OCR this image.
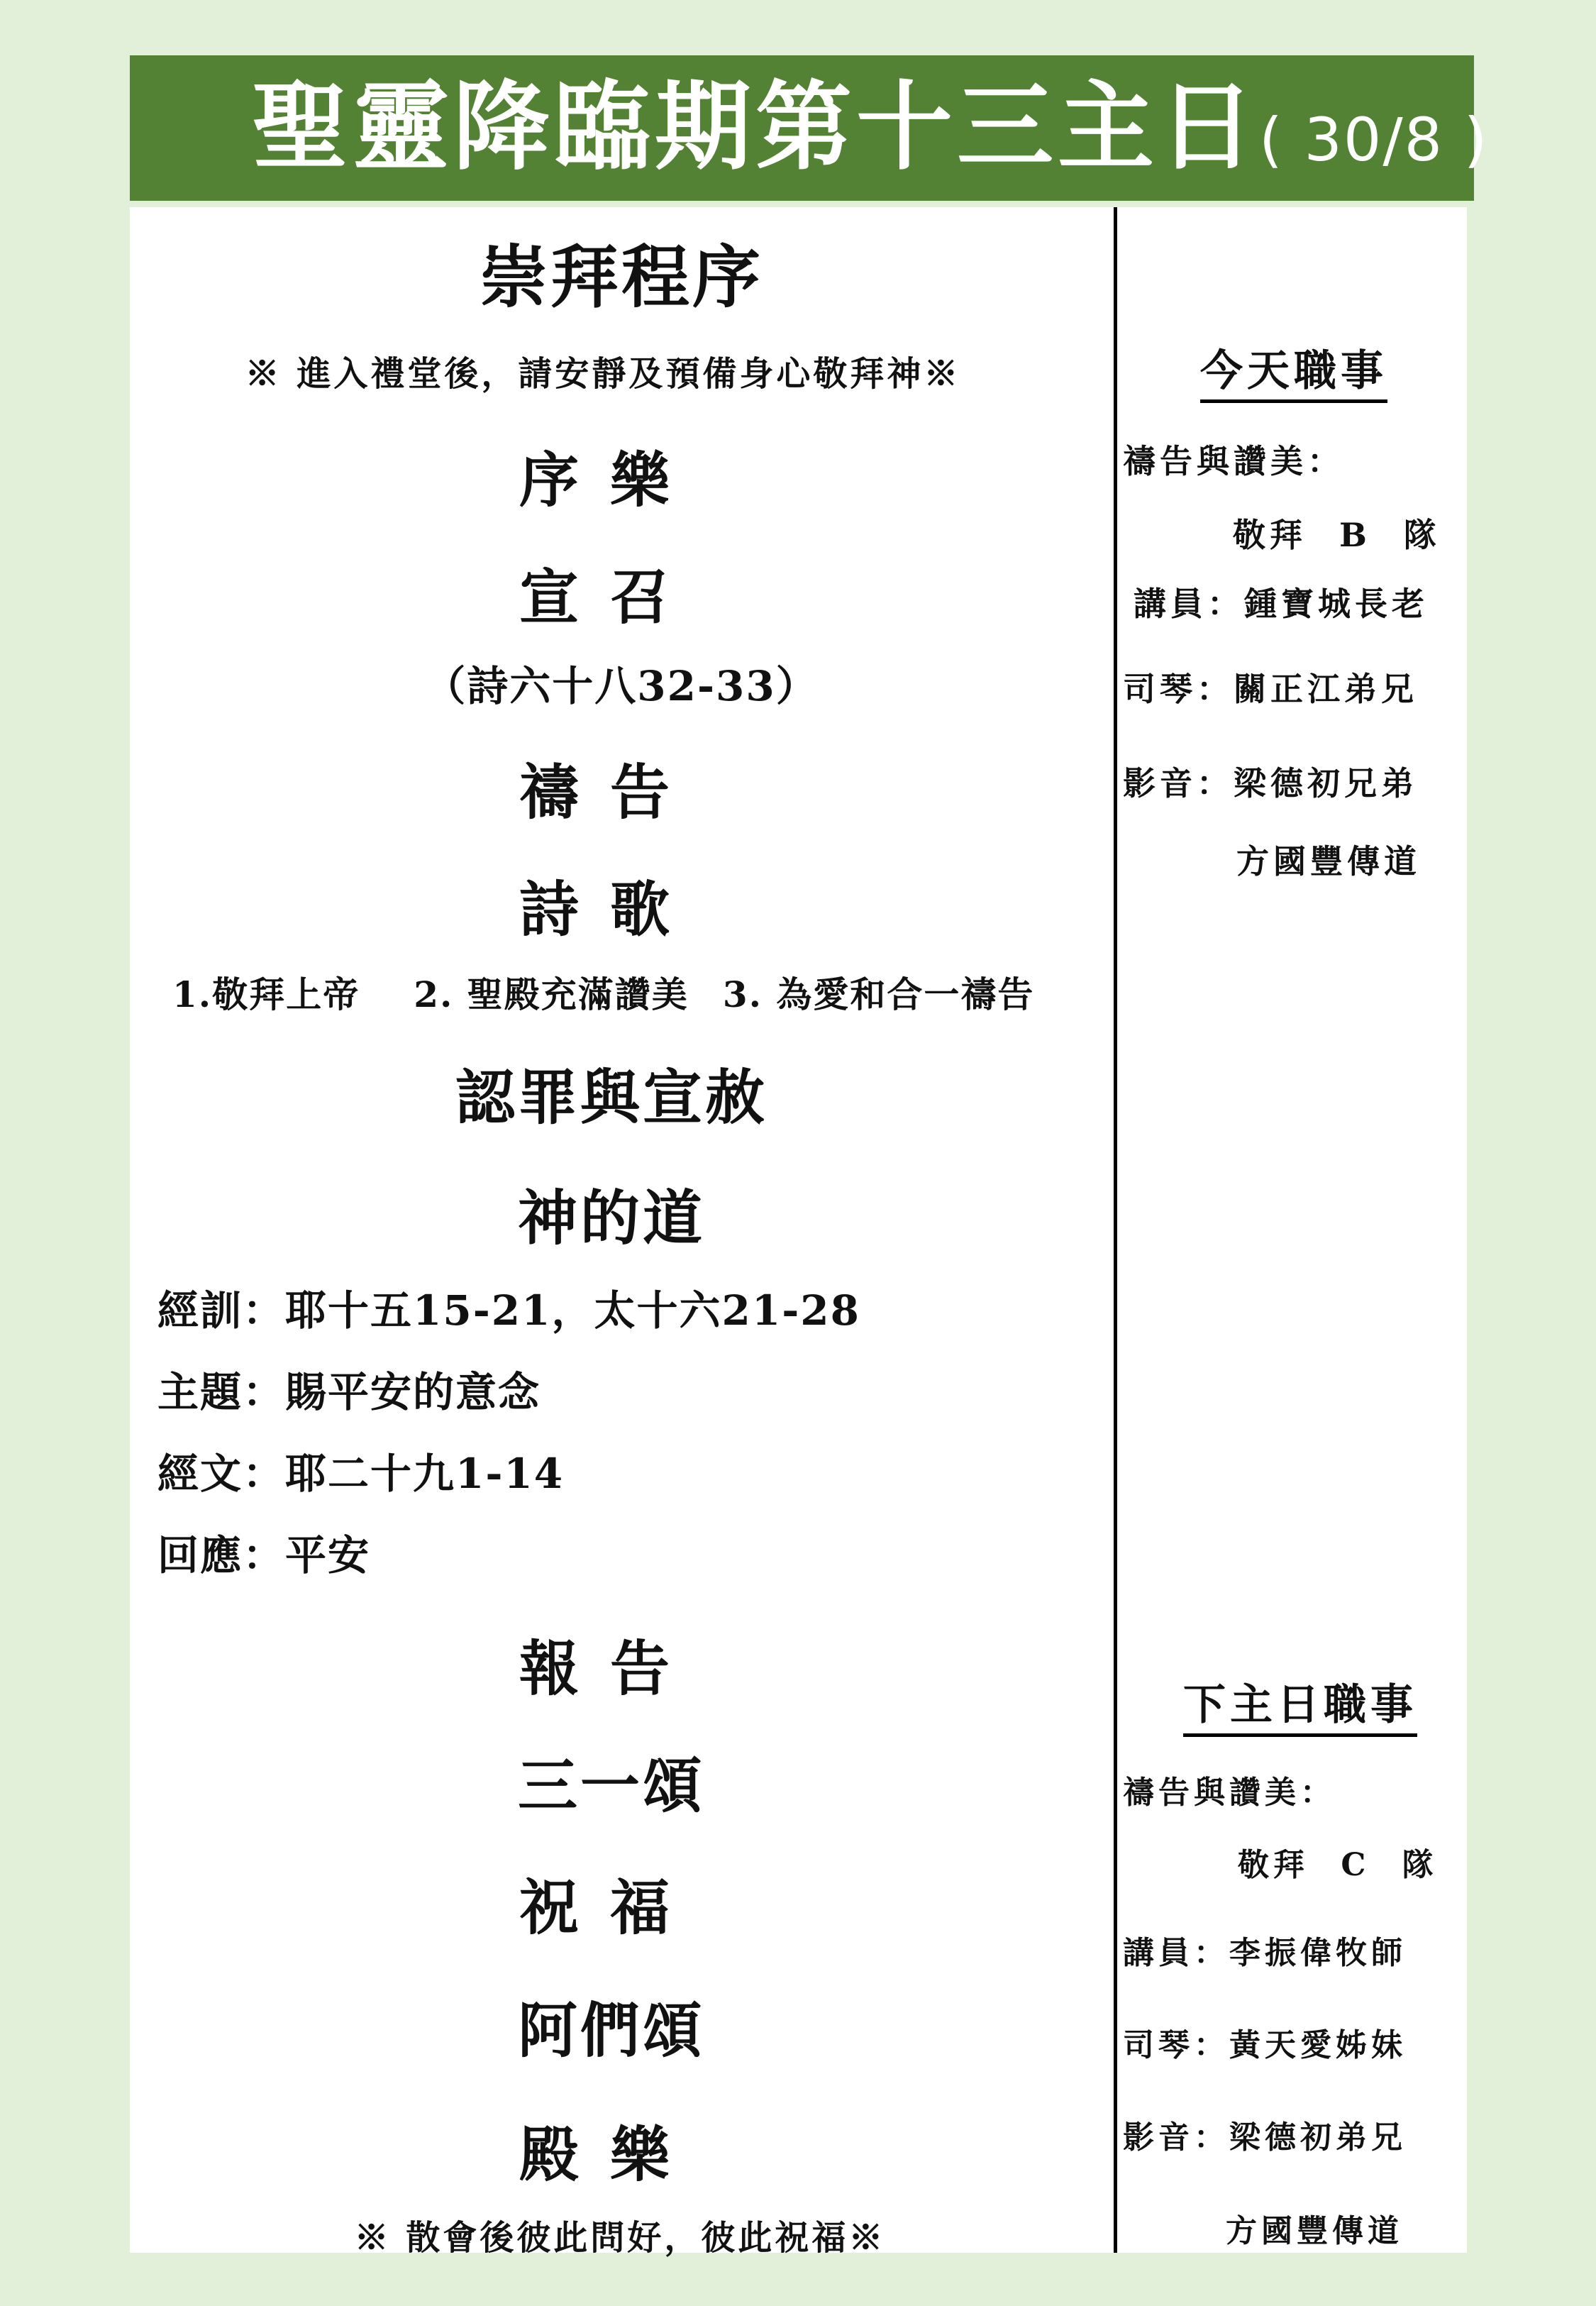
聖靈降臨期第十三主日( 30/8 )
崇拜程序
※ 進入禮堂後，請安靜及預備身心敬拜神※
序樂
宣召
（詩六十八32-33）
禱告
詩歌
1.敬拜上帝 2. 聖殿充滿讚美 3. 為愛和合一禱告
認罪與宣赦
神的道
經訓：耶十五15-21，太十六21-28
主題：賜平安的意念
經文：耶二十九1-14
回應：平安
報告
三一頌
祝福
阿們頌
殿樂
※ 散會後彼此問好，彼此祝福※
今天職事
禱告與讚美：
敬拜 B 隊
講員：鍾寶城長老
司琴：關正江弟兄
影音：梁德初兄弟
方國豐傳道
下主日職事
禱告與讚美：
敬拜 C 隊
講員：李振偉牧師
司琴：黃天愛姊妹
影音：梁德初弟兄
方國豐傳道
